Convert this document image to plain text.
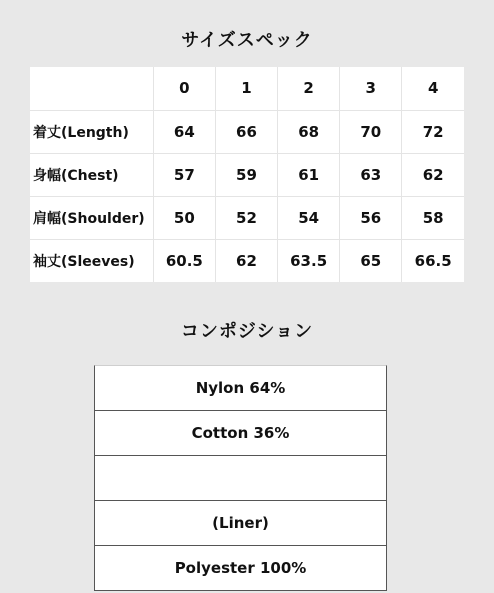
サイズスペック
	0	1	2	3	4
着丈(Length)	64	66	68	70	72
身幅(Chest)	57	59	61	63	62
肩幅(Shoulder)	50	52	54	56	58
袖丈(Sleeves)	60.5	62	63.5	65	66.5
コンポジション
Nylon 64%
Cotton 36%
(Liner)
Polyester 100%
